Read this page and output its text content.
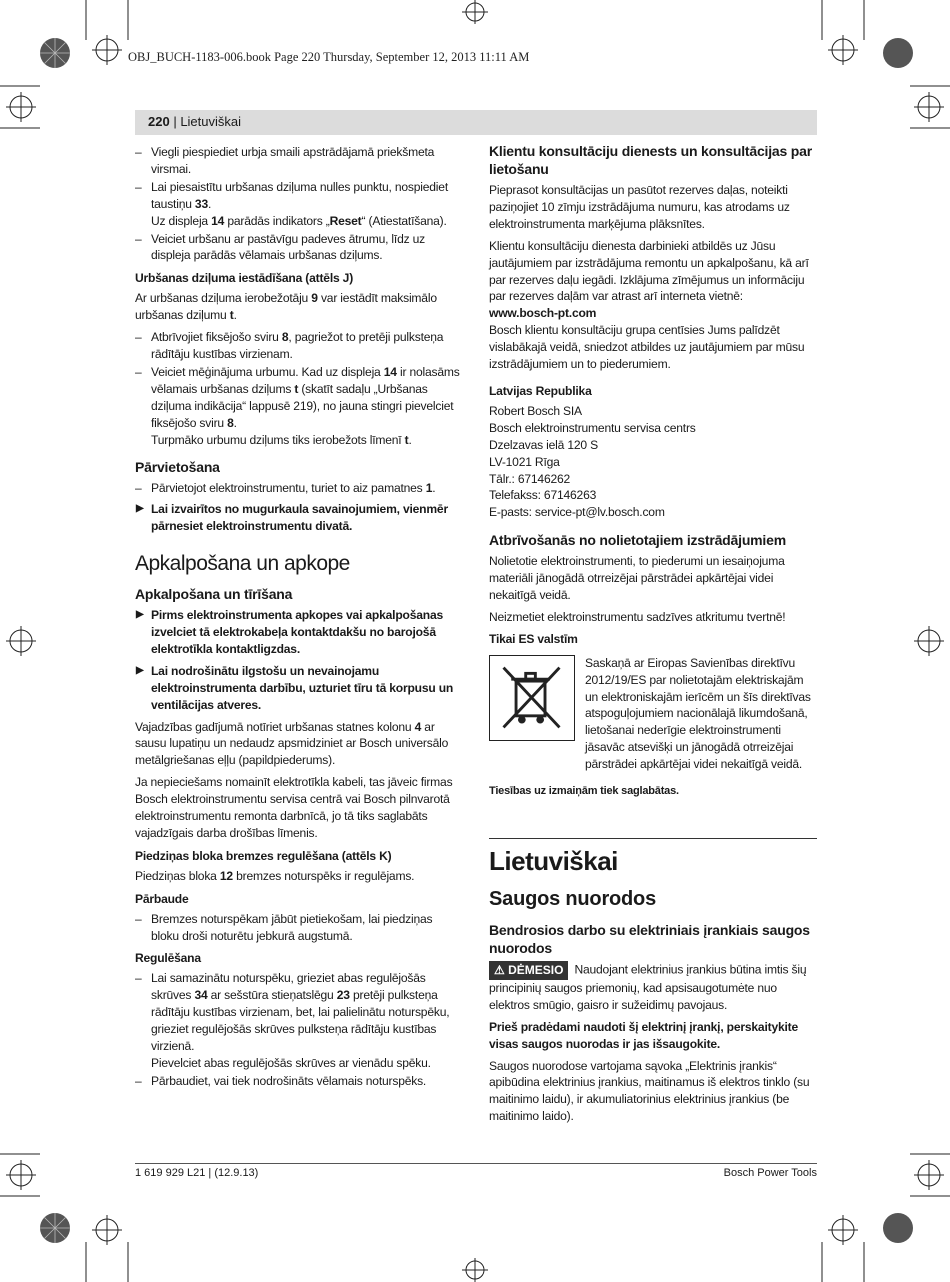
OBJ_BUCH-1183-006.book Page 220 Thursday, September 12, 2013 11:11 AM
220 | Lietuviškai
– Viegli piespiediet urbja smaili apstrādājamā priekšmeta virsmai.
– Lai piesaistītu urbšanas dziļuma nulles punktu, nospiediet taustiņu 33.
Uz displeja 14 parādās indikators „Reset“ (Atiestatīšana).
– Veiciet urbšanu ar pastāvīgu padeves ātrumu, līdz uz displeja parādās vēlamais urbšanas dziļums.
Urbšanas dziļuma iestādīšana (attēls J)

Ar urbšanas dziļuma ierobežotāju 9 var iestādīt maksimālo urbšanas dziļumu t.

– Atbrīvojiet fiksējošo sviru 8, pagriežot to pretēji pulksteņa rādītāju kustības virzienam.
– Veiciet mēģinājuma urbumu. Kad uz displeja 14 ir nolasāms vēlamais urbšanas dziļums t (skatīt sadaļu „Urbšanas dziļuma indikācija“ lappusē 219), no jauna stingri pievelciet fiksējošo sviru 8.
Turpmāko urbumu dziļums tiks ierobežots līmenī t.
Pārvietošana
– Pārvietojot elektroinstrumentu, turiet to aiz pamatnes 1.
▶ Lai izvairītos no mugurkaula savainojumiem, vienmēr pārnesiet elektroinstrumentu divatā.
Apkalpošana un apkope
Apkalpošana un tīrīšana
▶ Pirms elektroinstrumenta apkopes vai apkalpošanas izvelciet tā elektrokabeļa kontaktdakšu no barojošā elektrotīkla kontaktligzdas.
▶ Lai nodrošinātu ilgstošu un nevainojamu elektroinstrumenta darbību, uzturiet tīru tā korpusu un ventilācijas atveres.

Vajadzības gadījumā notīriet urbšanas statnes kolonu 4 ar sausu lupatiņu un nedaudz apsmidziniet ar Bosch universālo metālgriešanas eļļu (papildpiederums).

Ja nepieciešams nomainīt elektrotīkla kabeli, tas jāveic firmas Bosch elektroinstrumentu servisa centrā vai Bosch pilnvarotā elektroinstrumentu remonta darbnīcā, jo tā tiks saglabāts vajadzīgais darba drošības līmenis.

Piedziņas bloka bremzes regulēšana (attēls K)

Piedziņas bloka 12 bremzes noturspēks ir regulējams.

Pārbaude
– Bremzes noturspēkam jābūt pietiekošam, lai piedziņas bloku droši noturētu jebkurā augstumā.
Regulēšana
– Lai samazinātu noturspēku, grieziet abas regulējošās skrūves 34 ar sešstūra stieņatslēgu 23 pretēji pulksteņa rādītāju kustības virzienam, bet, lai palielinātu noturspēku, grieziet regulējošās skrūves pulksteņa rādītāju kustības virzienā.
Pievelciet abas regulējošās skrūves ar vienādu spēku.
– Pārbaudiet, vai tiek nodrošināts vēlamais noturspēks.
Klientu konsultāciju dienests un konsultācijas par lietošanu

Pieprasot konsultācijas un pasūtot rezerves daļas, noteikti paziņojiet 10 zīmju izstrādājuma numuru, kas atrodams uz elektroinstrumenta marķējuma plāksnītes.

Klientu konsultāciju dienesta darbinieki atbildēs uz Jūsu jautājumiem par izstrādājuma remontu un apkalpošanu, kā arī par rezerves daļu iegādi. Izklājuma zīmējumus un informāciju par rezerves daļām var atrast arī interneta vietnē:

www.bosch-pt.com

Bosch klientu konsultāciju grupa centīsies Jums palīdzēt vislabākajā veidā, sniedzot atbildes uz jautājumiem par mūsu izstrādājumiem un to piederumiem.

Latvijas Republika
Robert Bosch SIA
Bosch elektroinstrumentu servisa centrs
Dzelzavas ielā 120 S
LV-1021 Rīga
Tālr.: 67146262
Telefakss: 67146263
E-pasts: service-pt@lv.bosch.com
Atbrīvošanās no nolietotajiem izstrādājumiem

Nolietotie elektroinstrumenti, to piederumi un iesaiņojuma materiāli jānogādā otrreizējai pārstrādei apkārtējai videi nekaitīgā veidā.

Neizmetiet elektroinstrumentu sadzīves atkritumu tvertnē!

Tikai ES valstīm
Saskaņā ar Eiropas Savienības direktīvu 2012/19/ES par nolietotajām elektriskajām un elektroniskajām ierīcēm un šīs direktīvas atspoguļojumiem nacionālajā likumdošanā, lietošanai nederīgie elektroinstrumenti jāsavāc atsevišķi un jānogādā otrreizējai pārstrādei apkārtējai videi nekaitīgā veidā.
Tiesības uz izmaiņām tiek saglabātas.
Lietuviškai
Saugos nuorodos
Bendrosios darbo su elektriniais įrankiais saugos nuorodos

⚠ DĖMESIO Naudojant elektrinius įrankius būtina imtis šių principinių saugos priemonių, kad apsisaugotumėte nuo elektros smūgio, gaisro ir sužeidimų pavojaus.

Prieš pradėdami naudoti šį elektrinį įrankį, perskaitykite visas saugos nuorodas ir jas išsaugokite.

Saugos nuorodose vartojama sąvoka „Elektrinis įrankis“ apibūdina elektrinius įrankius, maitinamus iš elektros tinklo (su maitinimo laidu), ir akumuliatorinius elektrinius įrankius (be maitinimo laido).

1 619 929 L21 | (12.9.13)	Bosch Power Tools
